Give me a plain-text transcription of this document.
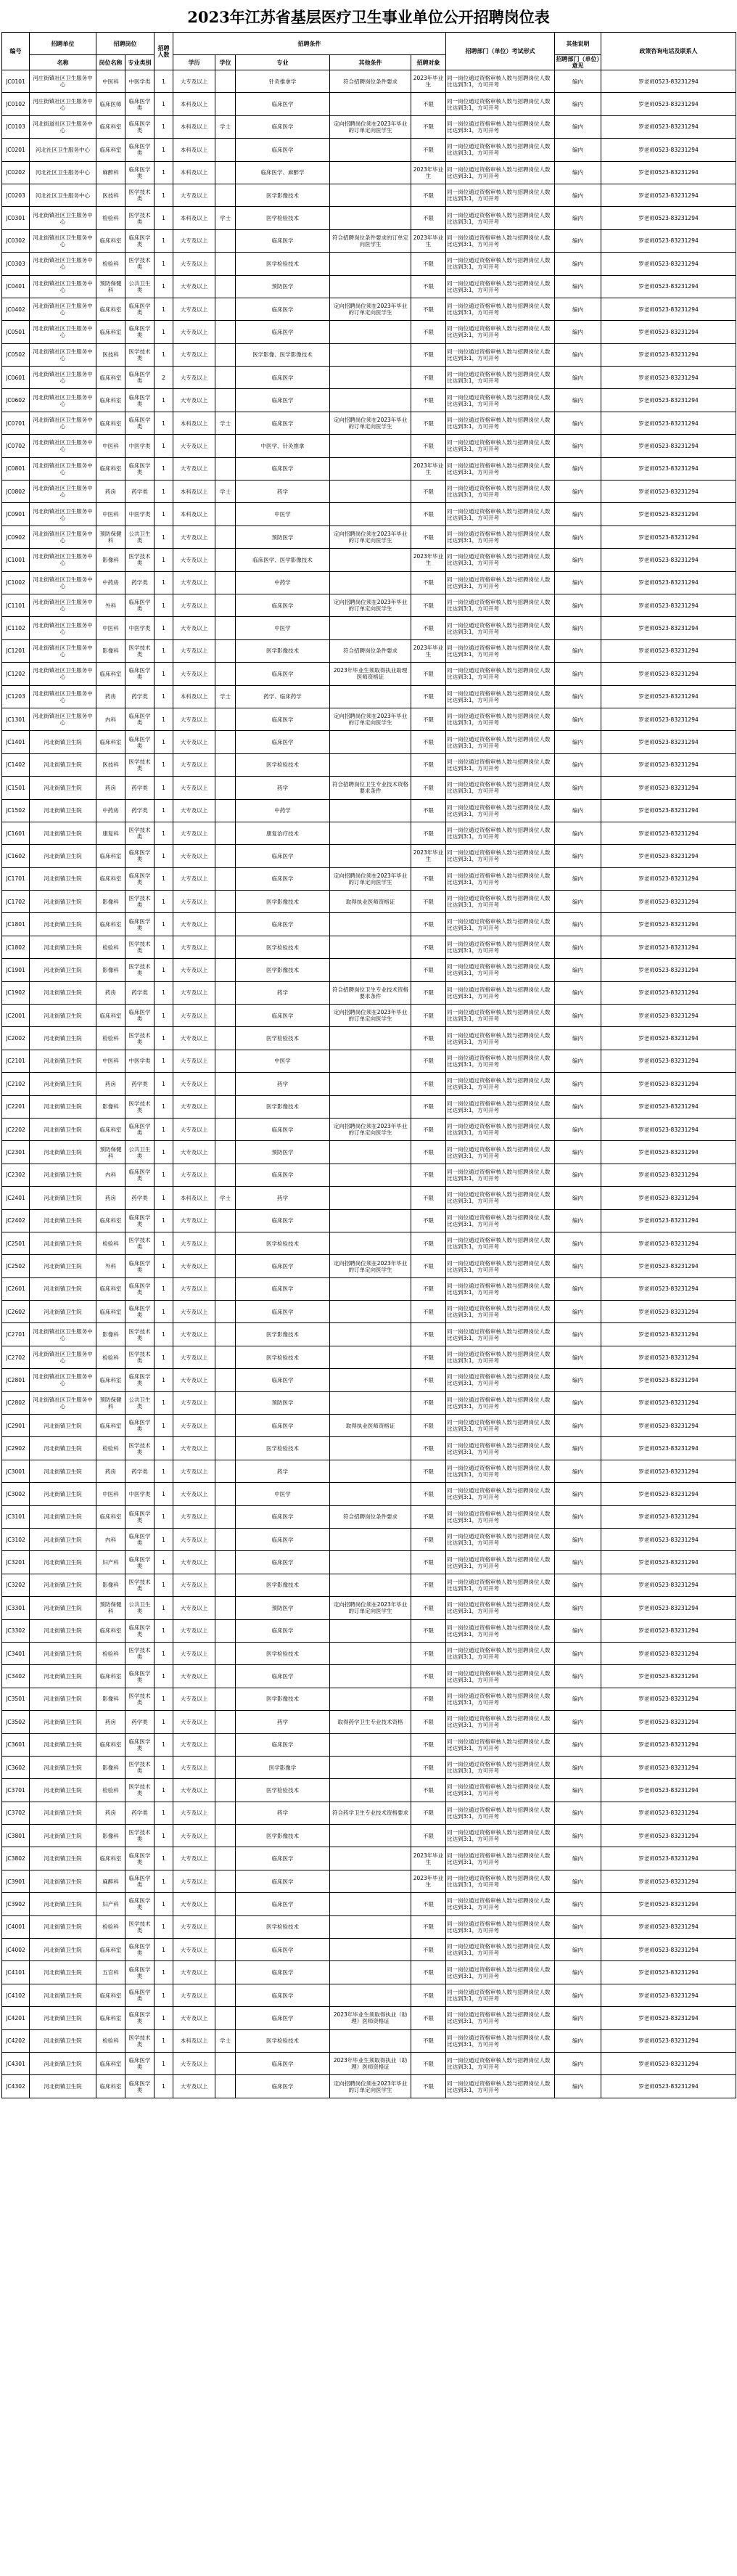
2023年江苏省基层医疗卫生事业单位公开招聘岗位表
编号	招聘单位	招聘岗位		招聘人数	招聘条件					招聘部门（单位）考试形式	其他说明	政策咨询电话及联系人
	名称	岗位名称	专业类别		学历	学位	专业	其他条件	招聘对象		招聘部门（单位）意见	
JC0101	河庄街镇社区卫生服务中心	中医科	中医学类	1	大专及以上		针灸推拿学	符合招聘岗位条件要求	2023年毕业生	同一岗位通过资格审核人数与招聘岗位人数比达到3:1，方可开考	编内	罗老师0523-83231294
JC0102	河庄街镇社区卫生服务中心	临床医师	临床医学类	1	本科及以上		临床医学		不限	同一岗位通过资格审核人数与招聘岗位人数比达到3:1，方可开考	编内	罗老师0523-83231294
JC0103	河北街道社区卫生服务中心	临床科室	临床医学类	1	本科及以上	学士	临床医学	定向招聘岗位须在2023年毕业的订单定向医学生	不限	同一岗位通过资格审核人数与招聘岗位人数比达到3:1，方可开考	编内	罗老师0523-83231294
JC0201	河北社区卫生服务中心	临床科室	临床医学类	1	本科及以上		临床医学		不限	同一岗位通过资格审核人数与招聘岗位人数比达到3:1，方可开考	编内	罗老师0523-83231294
JC0202	河北社区卫生服务中心	麻醉科	临床医学类	1	本科及以上		临床医学、麻醉学		2023年毕业生	同一岗位通过资格审核人数与招聘岗位人数比达到3:1，方可开考	编内	罗老师0523-83231294
JC0203	河北社区卫生服务中心	医技科	医学技术类	1	大专及以上		医学影像技术		不限	同一岗位通过资格审核人数与招聘岗位人数比达到3:1，方可开考	编内	罗老师0523-83231294
JC0301	河北街镇社区卫生服务中心	检验科	医学技术类	1	本科及以上	学士	医学检验技术		不限	同一岗位通过资格审核人数与招聘岗位人数比达到3:1，方可开考	编内	罗老师0523-83231294
JC0302	河北街镇社区卫生服务中心	临床科室	临床医学类	1	大专及以上		临床医学	符合招聘岗位条件要求的订单定向医学生	2023年毕业生	同一岗位通过资格审核人数与招聘岗位人数比达到3:1，方可开考	编内	罗老师0523-83231294
JC0303	河北街镇社区卫生服务中心	检验科	医学技术类	1	大专及以上		医学检验技术		不限	同一岗位通过资格审核人数与招聘岗位人数比达到3:1，方可开考	编内	罗老师0523-83231294
JC0401	河北街镇社区卫生服务中心	预防保健科	公共卫生类	1	大专及以上		预防医学		不限	同一岗位通过资格审核人数与招聘岗位人数比达到3:1，方可开考	编内	罗老师0523-83231294
JC0402	河北街镇社区卫生服务中心	临床科室	临床医学类	1	大专及以上		临床医学	定向招聘岗位须在2023年毕业的订单定向医学生	不限	同一岗位通过资格审核人数与招聘岗位人数比达到3:1，方可开考	编内	罗老师0523-83231294
JC0501	河北街镇社区卫生服务中心	临床科室	临床医学类	1	大专及以上		临床医学		不限	同一岗位通过资格审核人数与招聘岗位人数比达到3:1，方可开考	编内	罗老师0523-83231294
JC0502	河北街镇社区卫生服务中心	医技科	医学技术类	1	大专及以上		医学影像、医学影像技术		不限	同一岗位通过资格审核人数与招聘岗位人数比达到3:1，方可开考	编内	罗老师0523-83231294
JC0601	河北街镇社区卫生服务中心	临床科室	临床医学类	2	大专及以上		临床医学		不限	同一岗位通过资格审核人数与招聘岗位人数比达到3:1，方可开考	编内	罗老师0523-83231294
JC0602	河北街镇社区卫生服务中心	临床科室	临床医学类	1	大专及以上		临床医学		不限	同一岗位通过资格审核人数与招聘岗位人数比达到3:1，方可开考	编内	罗老师0523-83231294
JC0701	河北街镇社区卫生服务中心	临床科室	临床医学类	1	本科及以上	学士	临床医学	定向招聘岗位须在2023年毕业的订单定向医学生	不限	同一岗位通过资格审核人数与招聘岗位人数比达到3:1，方可开考	编内	罗老师0523-83231294
JC0702	河北街镇社区卫生服务中心	中医科	中医学类	1	大专及以上		中医学、针灸推拿		不限	同一岗位通过资格审核人数与招聘岗位人数比达到3:1，方可开考	编内	罗老师0523-83231294
JC0801	河北街镇社区卫生服务中心	临床科室	临床医学类	1	大专及以上		临床医学		2023年毕业生	同一岗位通过资格审核人数与招聘岗位人数比达到3:1，方可开考	编内	罗老师0523-83231294
JC0802	河北街镇社区卫生服务中心	药房	药学类	1	本科及以上	学士	药学		不限	同一岗位通过资格审核人数与招聘岗位人数比达到3:1，方可开考	编内	罗老师0523-83231294
JC0901	河北街镇社区卫生服务中心	中医科	中医学类	1	本科及以上		中医学		不限	同一岗位通过资格审核人数与招聘岗位人数比达到3:1，方可开考	编内	罗老师0523-83231294
JC0902	河北街镇社区卫生服务中心	预防保健科	公共卫生类	1	大专及以上		预防医学	定向招聘岗位须在2023年毕业的订单定向医学生	不限	同一岗位通过资格审核人数与招聘岗位人数比达到3:1，方可开考	编内	罗老师0523-83231294
JC1001	河北街镇社区卫生服务中心	影像科	医学技术类	1	大专及以上		临床医学、医学影像技术		2023年毕业生	同一岗位通过资格审核人数与招聘岗位人数比达到3:1，方可开考	编内	罗老师0523-83231294
JC1002	河北街镇社区卫生服务中心	中药房	药学类	1	大专及以上		中药学		不限	同一岗位通过资格审核人数与招聘岗位人数比达到3:1，方可开考	编内	罗老师0523-83231294
JC1101	河北街镇社区卫生服务中心	外科	临床医学类	1	大专及以上		临床医学	定向招聘岗位须在2023年毕业的订单定向医学生	不限	同一岗位通过资格审核人数与招聘岗位人数比达到3:1，方可开考	编内	罗老师0523-83231294
JC1102	河北街镇社区卫生服务中心	中医科	中医学类	1	大专及以上		中医学		不限	同一岗位通过资格审核人数与招聘岗位人数比达到3:1，方可开考	编内	罗老师0523-83231294
JC1201	河北街镇社区卫生服务中心	影像科	医学技术类	1	大专及以上		医学影像技术	符合招聘岗位条件要求	2023年毕业生	同一岗位通过资格审核人数与招聘岗位人数比达到3:1，方可开考	编内	罗老师0523-83231294
JC1202	河北街镇社区卫生服务中心	临床科室	临床医学类	1	大专及以上		临床医学	2023年毕业生须取得执业助理医师资格证	不限	同一岗位通过资格审核人数与招聘岗位人数比达到3:1，方可开考	编内	罗老师0523-83231294
JC1203	河北街镇社区卫生服务中心	药房	药学类	1	本科及以上	学士	药学、临床药学		不限	同一岗位通过资格审核人数与招聘岗位人数比达到3:1，方可开考	编内	罗老师0523-83231294
JC1301	河北街镇社区卫生服务中心	内科	临床医学类	1	大专及以上		临床医学	定向招聘岗位须在2023年毕业的订单定向医学生	不限	同一岗位通过资格审核人数与招聘岗位人数比达到3:1，方可开考	编内	罗老师0523-83231294
JC1401	河北街镇卫生院	临床科室	临床医学类	1	大专及以上		临床医学		不限	同一岗位通过资格审核人数与招聘岗位人数比达到3:1，方可开考	编内	罗老师0523-83231294
JC1402	河北街镇卫生院	医技科	医学技术类	1	大专及以上		医学检验技术		不限	同一岗位通过资格审核人数与招聘岗位人数比达到3:1，方可开考	编内	罗老师0523-83231294
JC1501	河北街镇卫生院	药房	药学类	1	大专及以上		药学	符合招聘岗位卫生专业技术资格要求条件	不限	同一岗位通过资格审核人数与招聘岗位人数比达到3:1，方可开考	编内	罗老师0523-83231294
JC1502	河北街镇卫生院	中药房	药学类	1	大专及以上		中药学		不限	同一岗位通过资格审核人数与招聘岗位人数比达到3:1，方可开考	编内	罗老师0523-83231294
JC1601	河北街镇卫生院	康复科	医学技术类	1	大专及以上		康复治疗技术		不限	同一岗位通过资格审核人数与招聘岗位人数比达到3:1，方可开考	编内	罗老师0523-83231294
JC1602	河北街镇卫生院	临床科室	临床医学类	1	大专及以上		临床医学		2023年毕业生	同一岗位通过资格审核人数与招聘岗位人数比达到3:1，方可开考	编内	罗老师0523-83231294
JC1701	河北街镇卫生院	临床科室	临床医学类	1	大专及以上		临床医学	定向招聘岗位须在2023年毕业的订单定向医学生	不限	同一岗位通过资格审核人数与招聘岗位人数比达到3:1，方可开考	编内	罗老师0523-83231294
JC1702	河北街镇卫生院	影像科	医学技术类	1	大专及以上		医学影像技术	取得执业医师资格证	不限	同一岗位通过资格审核人数与招聘岗位人数比达到3:1，方可开考	编内	罗老师0523-83231294
JC1801	河北街镇卫生院	临床科室	临床医学类	1	大专及以上		临床医学		不限	同一岗位通过资格审核人数与招聘岗位人数比达到3:1，方可开考	编内	罗老师0523-83231294
JC1802	河北街镇卫生院	检验科	医学技术类	1	大专及以上		医学检验技术		不限	同一岗位通过资格审核人数与招聘岗位人数比达到3:1，方可开考	编内	罗老师0523-83231294
JC1901	河北街镇卫生院	影像科	医学技术类	1	大专及以上		医学影像技术		不限	同一岗位通过资格审核人数与招聘岗位人数比达到3:1，方可开考	编内	罗老师0523-83231294
JC1902	河北街镇卫生院	药房	药学类	1	大专及以上		药学	符合招聘岗位卫生专业技术资格要求条件	不限	同一岗位通过资格审核人数与招聘岗位人数比达到3:1，方可开考	编内	罗老师0523-83231294
JC2001	河北街镇卫生院	临床科室	临床医学类	1	大专及以上		临床医学	定向招聘岗位须在2023年毕业的订单定向医学生	不限	同一岗位通过资格审核人数与招聘岗位人数比达到3:1，方可开考	编内	罗老师0523-83231294
JC2002	河北街镇卫生院	检验科	医学技术类	1	大专及以上		医学检验技术		不限	同一岗位通过资格审核人数与招聘岗位人数比达到3:1，方可开考	编内	罗老师0523-83231294
JC2101	河北街镇卫生院	中医科	中医学类	1	大专及以上		中医学		不限	同一岗位通过资格审核人数与招聘岗位人数比达到3:1，方可开考	编内	罗老师0523-83231294
JC2102	河北街镇卫生院	药房	药学类	1	大专及以上		药学		不限	同一岗位通过资格审核人数与招聘岗位人数比达到3:1，方可开考	编内	罗老师0523-83231294
JC2201	河北街镇卫生院	影像科	医学技术类	1	大专及以上		医学影像技术		不限	同一岗位通过资格审核人数与招聘岗位人数比达到3:1，方可开考	编内	罗老师0523-83231294
JC2202	河北街镇卫生院	临床科室	临床医学类	1	大专及以上		临床医学	定向招聘岗位须在2023年毕业的订单定向医学生	不限	同一岗位通过资格审核人数与招聘岗位人数比达到3:1，方可开考	编内	罗老师0523-83231294
JC2301	河北街镇卫生院	预防保健科	公共卫生类	1	大专及以上		预防医学		不限	同一岗位通过资格审核人数与招聘岗位人数比达到3:1，方可开考	编内	罗老师0523-83231294
JC2302	河北街镇卫生院	内科	临床医学类	1	大专及以上		临床医学		不限	同一岗位通过资格审核人数与招聘岗位人数比达到3:1，方可开考	编内	罗老师0523-83231294
JC2401	河北街镇卫生院	药房	药学类	1	本科及以上	学士	药学		不限	同一岗位通过资格审核人数与招聘岗位人数比达到3:1，方可开考	编内	罗老师0523-83231294
JC2402	河北街镇卫生院	临床科室	临床医学类	1	大专及以上		临床医学		不限	同一岗位通过资格审核人数与招聘岗位人数比达到3:1，方可开考	编内	罗老师0523-83231294
JC2501	河北街镇卫生院	检验科	医学技术类	1	大专及以上		医学检验技术		不限	同一岗位通过资格审核人数与招聘岗位人数比达到3:1，方可开考	编内	罗老师0523-83231294
JC2502	河北街镇卫生院	外科	临床医学类	1	大专及以上		临床医学	定向招聘岗位须在2023年毕业的订单定向医学生	不限	同一岗位通过资格审核人数与招聘岗位人数比达到3:1，方可开考	编内	罗老师0523-83231294
JC2601	河北街镇卫生院	临床科室	临床医学类	1	大专及以上		临床医学		不限	同一岗位通过资格审核人数与招聘岗位人数比达到3:1，方可开考	编内	罗老师0523-83231294
JC2602	河北街镇卫生院	临床科室	临床医学类	1	大专及以上		临床医学		不限	同一岗位通过资格审核人数与招聘岗位人数比达到3:1，方可开考	编内	罗老师0523-83231294
JC2701	河北街镇社区卫生服务中心	影像科	医学技术类	1	大专及以上		医学影像技术		不限	同一岗位通过资格审核人数与招聘岗位人数比达到3:1，方可开考	编内	罗老师0523-83231294
JC2702	河北街镇社区卫生服务中心	检验科	医学技术类	1	大专及以上		医学检验技术		不限	同一岗位通过资格审核人数与招聘岗位人数比达到3:1，方可开考	编内	罗老师0523-83231294
JC2801	河北街镇社区卫生服务中心	临床科室	临床医学类	1	大专及以上		临床医学		不限	同一岗位通过资格审核人数与招聘岗位人数比达到3:1，方可开考	编内	罗老师0523-83231294
JC2802	河北街镇社区卫生服务中心	预防保健科	公共卫生类	1	大专及以上		预防医学		不限	同一岗位通过资格审核人数与招聘岗位人数比达到3:1，方可开考	编内	罗老师0523-83231294
JC2901	河北街镇卫生院	临床科室	临床医学类	1	大专及以上		临床医学	取得执业医师资格证	不限	同一岗位通过资格审核人数与招聘岗位人数比达到3:1，方可开考	编内	罗老师0523-83231294
JC2902	河北街镇卫生院	检验科	医学技术类	1	大专及以上		医学检验技术		不限	同一岗位通过资格审核人数与招聘岗位人数比达到3:1，方可开考	编内	罗老师0523-83231294
JC3001	河北街镇卫生院	药房	药学类	1	大专及以上		药学		不限	同一岗位通过资格审核人数与招聘岗位人数比达到3:1，方可开考	编内	罗老师0523-83231294
JC3002	河北街镇卫生院	中医科	中医学类	1	大专及以上		中医学		不限	同一岗位通过资格审核人数与招聘岗位人数比达到3:1，方可开考	编内	罗老师0523-83231294
JC3101	河北街镇卫生院	临床科室	临床医学类	1	大专及以上		临床医学	符合招聘岗位条件要求	不限	同一岗位通过资格审核人数与招聘岗位人数比达到3:1，方可开考	编内	罗老师0523-83231294
JC3102	河北街镇卫生院	内科	临床医学类	1	大专及以上		临床医学		不限	同一岗位通过资格审核人数与招聘岗位人数比达到3:1，方可开考	编内	罗老师0523-83231294
JC3201	河北街镇卫生院	妇产科	临床医学类	1	大专及以上		临床医学		不限	同一岗位通过资格审核人数与招聘岗位人数比达到3:1，方可开考	编内	罗老师0523-83231294
JC3202	河北街镇卫生院	影像科	医学技术类	1	大专及以上		医学影像技术		不限	同一岗位通过资格审核人数与招聘岗位人数比达到3:1，方可开考	编内	罗老师0523-83231294
JC3301	河北街镇卫生院	预防保健科	公共卫生类	1	大专及以上		预防医学	定向招聘岗位须在2023年毕业的订单定向医学生	不限	同一岗位通过资格审核人数与招聘岗位人数比达到3:1，方可开考	编内	罗老师0523-83231294
JC3302	河北街镇卫生院	临床科室	临床医学类	1	大专及以上		临床医学		不限	同一岗位通过资格审核人数与招聘岗位人数比达到3:1，方可开考	编内	罗老师0523-83231294
JC3401	河北街镇卫生院	检验科	医学技术类	1	大专及以上		医学检验技术		不限	同一岗位通过资格审核人数与招聘岗位人数比达到3:1，方可开考	编内	罗老师0523-83231294
JC3402	河北街镇卫生院	临床科室	临床医学类	1	大专及以上		临床医学		不限	同一岗位通过资格审核人数与招聘岗位人数比达到3:1，方可开考	编内	罗老师0523-83231294
JC3501	河北街镇卫生院	影像科	医学技术类	1	大专及以上		医学影像技术		不限	同一岗位通过资格审核人数与招聘岗位人数比达到3:1，方可开考	编内	罗老师0523-83231294
JC3502	河北街镇卫生院	药房	药学类	1	大专及以上		药学	取得药学卫生专业技术资格	不限	同一岗位通过资格审核人数与招聘岗位人数比达到3:1，方可开考	编内	罗老师0523-83231294
JC3601	河北街镇卫生院	临床科室	临床医学类	1	大专及以上		临床医学		不限	同一岗位通过资格审核人数与招聘岗位人数比达到3:1，方可开考	编内	罗老师0523-83231294
JC3602	河北街镇卫生院	影像科	医学技术类	1	大专及以上		医学影像学		不限	同一岗位通过资格审核人数与招聘岗位人数比达到3:1，方可开考	编内	罗老师0523-83231294
JC3701	河北街镇卫生院	检验科	医学技术类	1	大专及以上		医学检验技术		不限	同一岗位通过资格审核人数与招聘岗位人数比达到3:1，方可开考	编内	罗老师0523-83231294
JC3702	河北街镇卫生院	药房	药学类	1	大专及以上		药学	符合药学卫生专业技术资格要求	不限	同一岗位通过资格审核人数与招聘岗位人数比达到3:1，方可开考	编内	罗老师0523-83231294
JC3801	河北街镇卫生院	影像科	医学技术类	1	大专及以上		医学影像技术		不限	同一岗位通过资格审核人数与招聘岗位人数比达到3:1，方可开考	编内	罗老师0523-83231294
JC3802	河北街镇卫生院	临床科室	临床医学类	1	大专及以上		临床医学		2023年毕业生	同一岗位通过资格审核人数与招聘岗位人数比达到3:1，方可开考	编内	罗老师0523-83231294
JC3901	河北街镇卫生院	麻醉科	临床医学类	1	大专及以上		临床医学		2023年毕业生	同一岗位通过资格审核人数与招聘岗位人数比达到3:1，方可开考	编内	罗老师0523-83231294
JC3902	河北街镇卫生院	妇产科	临床医学类	1	大专及以上		临床医学		不限	同一岗位通过资格审核人数与招聘岗位人数比达到3:1，方可开考	编内	罗老师0523-83231294
JC4001	河北街镇卫生院	检验科	医学技术类	1	大专及以上		医学检验技术		不限	同一岗位通过资格审核人数与招聘岗位人数比达到3:1，方可开考	编内	罗老师0523-83231294
JC4002	河北街镇卫生院	临床科室	临床医学类	1	大专及以上		临床医学		不限	同一岗位通过资格审核人数与招聘岗位人数比达到3:1，方可开考	编内	罗老师0523-83231294
JC4101	河北街镇卫生院	五官科	临床医学类	1	大专及以上		临床医学		不限	同一岗位通过资格审核人数与招聘岗位人数比达到3:1，方可开考	编内	罗老师0523-83231294
JC4102	河北街镇卫生院	临床科室	临床医学类	1	大专及以上		临床医学		不限	同一岗位通过资格审核人数与招聘岗位人数比达到3:1，方可开考	编内	罗老师0523-83231294
JC4201	河北街镇卫生院	临床科室	临床医学类	1	大专及以上		临床医学	2023年毕业生须取得执业（助理）医师资格证	不限	同一岗位通过资格审核人数与招聘岗位人数比达到3:1，方可开考	编内	罗老师0523-83231294
JC4202	河北街镇卫生院	检验科	医学技术类	1	本科及以上	学士	医学检验技术		不限	同一岗位通过资格审核人数与招聘岗位人数比达到3:1，方可开考	编内	罗老师0523-83231294
JC4301	河北街镇卫生院	临床科室	临床医学类	1	大专及以上		临床医学	2023年毕业生须取得执业（助理）医师资格证	不限	同一岗位通过资格审核人数与招聘岗位人数比达到3:1，方可开考	编内	罗老师0523-83231294
JC4302	河北街镇卫生院	临床科室	临床医学类	1	大专及以上		临床医学	定向招聘岗位须在2023年毕业的订单定向医学生	不限	同一岗位通过资格审核人数与招聘岗位人数比达到3:1，方可开考	编内	罗老师0523-83231294
